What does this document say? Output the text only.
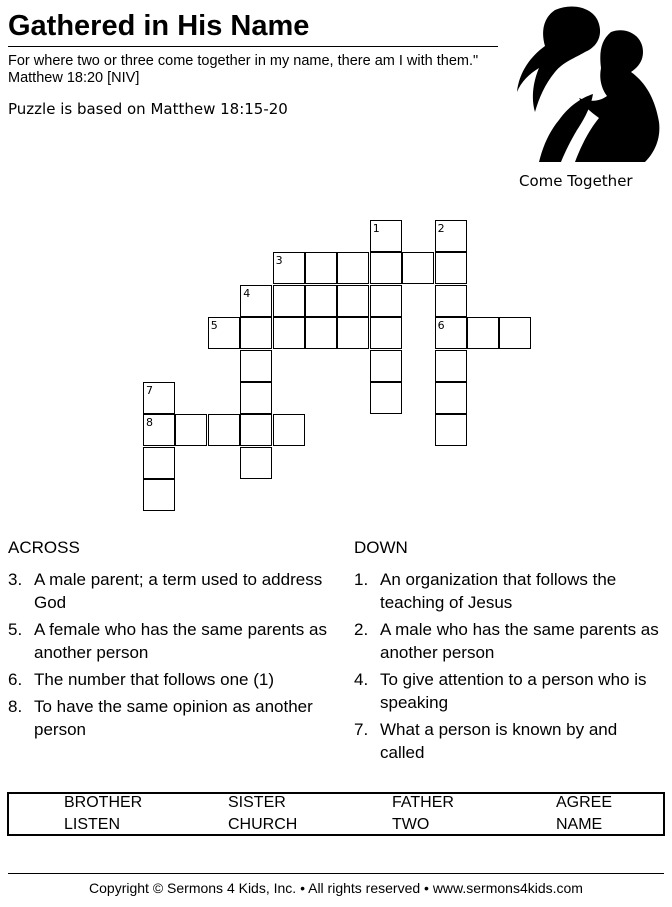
Gathered in His Name
For where two or three come together in my name, there am I with them." Matthew 18:20 [NIV]
Puzzle is based on Matthew 18:15-20
Come Together
1	2
3
4
5	6
7
8
ACROSS
3. A male parent; a term used to address God
5. A female who has the same parents as another person
6. The number that follows one (1)
8. To have the same opinion as another person
DOWN
1. An organization that follows the teaching of Jesus
2. A male who has the same parents as another person
4. To give attention to a person who is speaking
7. What a person is known by and called
BROTHER	SISTER	FATHER	AGREE
LISTEN	CHURCH	TWO	NAME
Copyright © Sermons 4 Kids, Inc. • All rights reserved • www.sermons4kids.com
